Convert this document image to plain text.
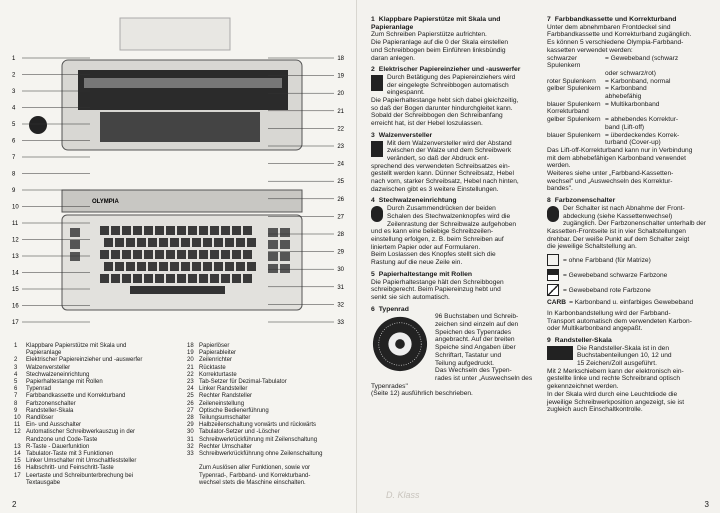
OLYMPIA
1
2
3
4
5
6
7
8
9
10
11
12
13
14
15
16
17
18
19
20
21
22
23
24
25
26
27
28
29
30
31
32
33
1 Klappbare Papierstütze mit Skala und
Papieranlage
2 Elektrischer Papiereinzieher und -auswerfer
3 Walzenversteller
4 Stechwalzeneinrichtung
5 Papierhaltestange mit Rollen
6 Typenrad
7 Farbbandkassette und Korrekturband
8 Farbzonenschalter
9 Randsteller-Skala
10 Randlöser
11 Ein- und Ausschalter
12 Automatischer Schreibwerkauszug in der
Randzone und Code-Taste
13 R-Taste - Dauerfunktion
14 Tabulator-Taste mit 3 Funktionen
15 Linker Umschalter mit Umschaltfeststeller
16 Halbschritt- und Feinschritt-Taste
17 Leertaste und Schreibunterbrechung bei
Textausgabe
18 Papierlöser
19 Papierableiter
20 Zeilenrichter
21 Rücktaste
22 Korrekturtaste
23 Tab-Setzer für Dezimal-Tabulator
24 Linker Randsteller
25 Rechter Randsteller
26 Zeileneinstellung
27 Optische Bedienerführung
28 Teilungsumschalter
29 Halbzeilenschaltung vorwärts und rückwärts
30 Tabulator-Setzer und -Löscher
31 Schreibwerkrückführung mit Zeilenschaltung
32 Rechter Umschalter
33 Schreibwerkrückführung ohne Zeilenschaltung
Zum Auslösen aller Funktionen, sowie vor
Typenrad-, Farbband- und Korrekturband-
wechsel stets die Maschine einschalten.
2
1 Klappbare Papierstütze mit Skala und Papieranlage
Zum Schreiben Papierstütze aufrichten.
Die Papieranlage auf die 0 der Skala einstellen
und Schreibbogen beim Einführen linksbündig
daran anlegen.
2 Elektrischer Papiereinzieher und -auswerfer
Durch Betätigung des Papiereinziehers wird
der eingelegte Schreibbogen automatisch
eingespannt.
Die Papierhaltestange hebt sich dabei gleichzeitig,
so daß der Bogen darunter hindurchgleitet kann.
Sobald der Schreibbogen den Schreibanfang
erreicht hat, ist der Hebel loszulassen.
3 Walzenversteller
Mit dem Walzenversteller wird der Abstand
zwischen der Walze und dem Schreibwerk
verändert, so daß der Abdruck ent-
sprechend des verwendeten Schreibsatzes ein-
gestellt werden kann. Dünner Schreibsatz, Hebel
nach vorn, starker Schreibsatz, Hebel nach hinten,
dazwischen gibt es 3 weitere Einstellungen.
4 Stechwalzeneinrichtung
Durch Zusammendrücken der beiden
Schalen des Stechwalzenknopfes wird die
Zeilenrastung der Schreibwalze aufgehoben
und es kann eine beliebige Schreibzeilen-
einstellung erfolgen, z. B. beim Schreiben auf
liniertem Papier oder auf Formularen.
Beim Loslassen des Knopfes stellt sich die
Rastung auf die neue Zeile ein.
5 Papierhaltestange mit Rollen
Die Papierhaltestange hält den Schreibbogen
schreibgerecht. Beim Papiereinzug hebt und
senkt sie sich automatisch.
6 Typenrad
96 Buchstaben und Schreib-
zeichen sind einzeln auf den
Speichen des Typenrades
angebracht. Auf der breiten
Speiche sind Angaben über
Schriftart, Tastatur und
Teilung aufgedruckt.
Das Wechseln des Typen-
rades ist unter „Auswechseln des Typenrades"
(Seite 12) ausführlich beschrieben.
7 Farbbandkassette und Korrekturband
Unter dem abnehmbaren Frontdeckel sind
Farbbandkassette und Korrekturband zugänglich.
Es können 5 verschiedene Olympia-Farbband-
kassetten verwendet werden:
schwarzer Spulenkern
= Gewebeband (schwarz
oder schwarz/rot)
roter Spulenkern	= Karbonband, normal
gelber Spulenkern = Karbonband
abhebefähig
blauer Spulenkern = Multikarbonband
Korrekturband
gelber Spulenkern = abhebendes Korrektur-
band (Lift-off)
blauer Spulenkern = überdeckendes Korrek-
turband (Cover-up)
Das Lift-off-Korrekturband kann nur in Verbindung
mit dem abhebefähigen Karbonband verwendet
werden.
Weiteres siehe unter „Farbband-Kassetten-
wechsel" und „Auswechseln des Korrektur-
bandes".
8 Farbzonenschalter
Der Schalter ist nach Abnahme der Front-
abdeckung (siehe Kassettenwechsel)
zugänglich. Der Farbzonenschalter unterhalb der
Kassetten-Frontseite ist in vier Schaltstellungen
drehbar. Der weiße Punkt auf dem Schalter zeigt
die jeweilige Schaltstellung an.
= ohne Farbband (für Matrize)
= Gewebeband schwarze Farbzone
= Gewebeband rote Farbzone
CARB = Karbonband u. einfarbiges Gewebeband
In Karbonbandstellung wird der Farbband-
Transport automatisch dem verwendeten Karbon-
oder Multikarbonband angepaßt.
9 Randsteller-Skala
Die Randsteller-Skala ist in den
Buchstabenteilungen 10, 12 und
15 Zeichen/Zoll ausgeführt.
Mit 2 Merkschiebern kann der elektronisch ein-
gestellte linke und rechte Schreibrand optisch
gekennzeichnet werden.
In der Skala wird durch eine Leuchtdiode die
jeweilige Schreibwerkposition angezeigt, sie ist
zugleich auch Einschaltkontrolle.
3
D. Klass
